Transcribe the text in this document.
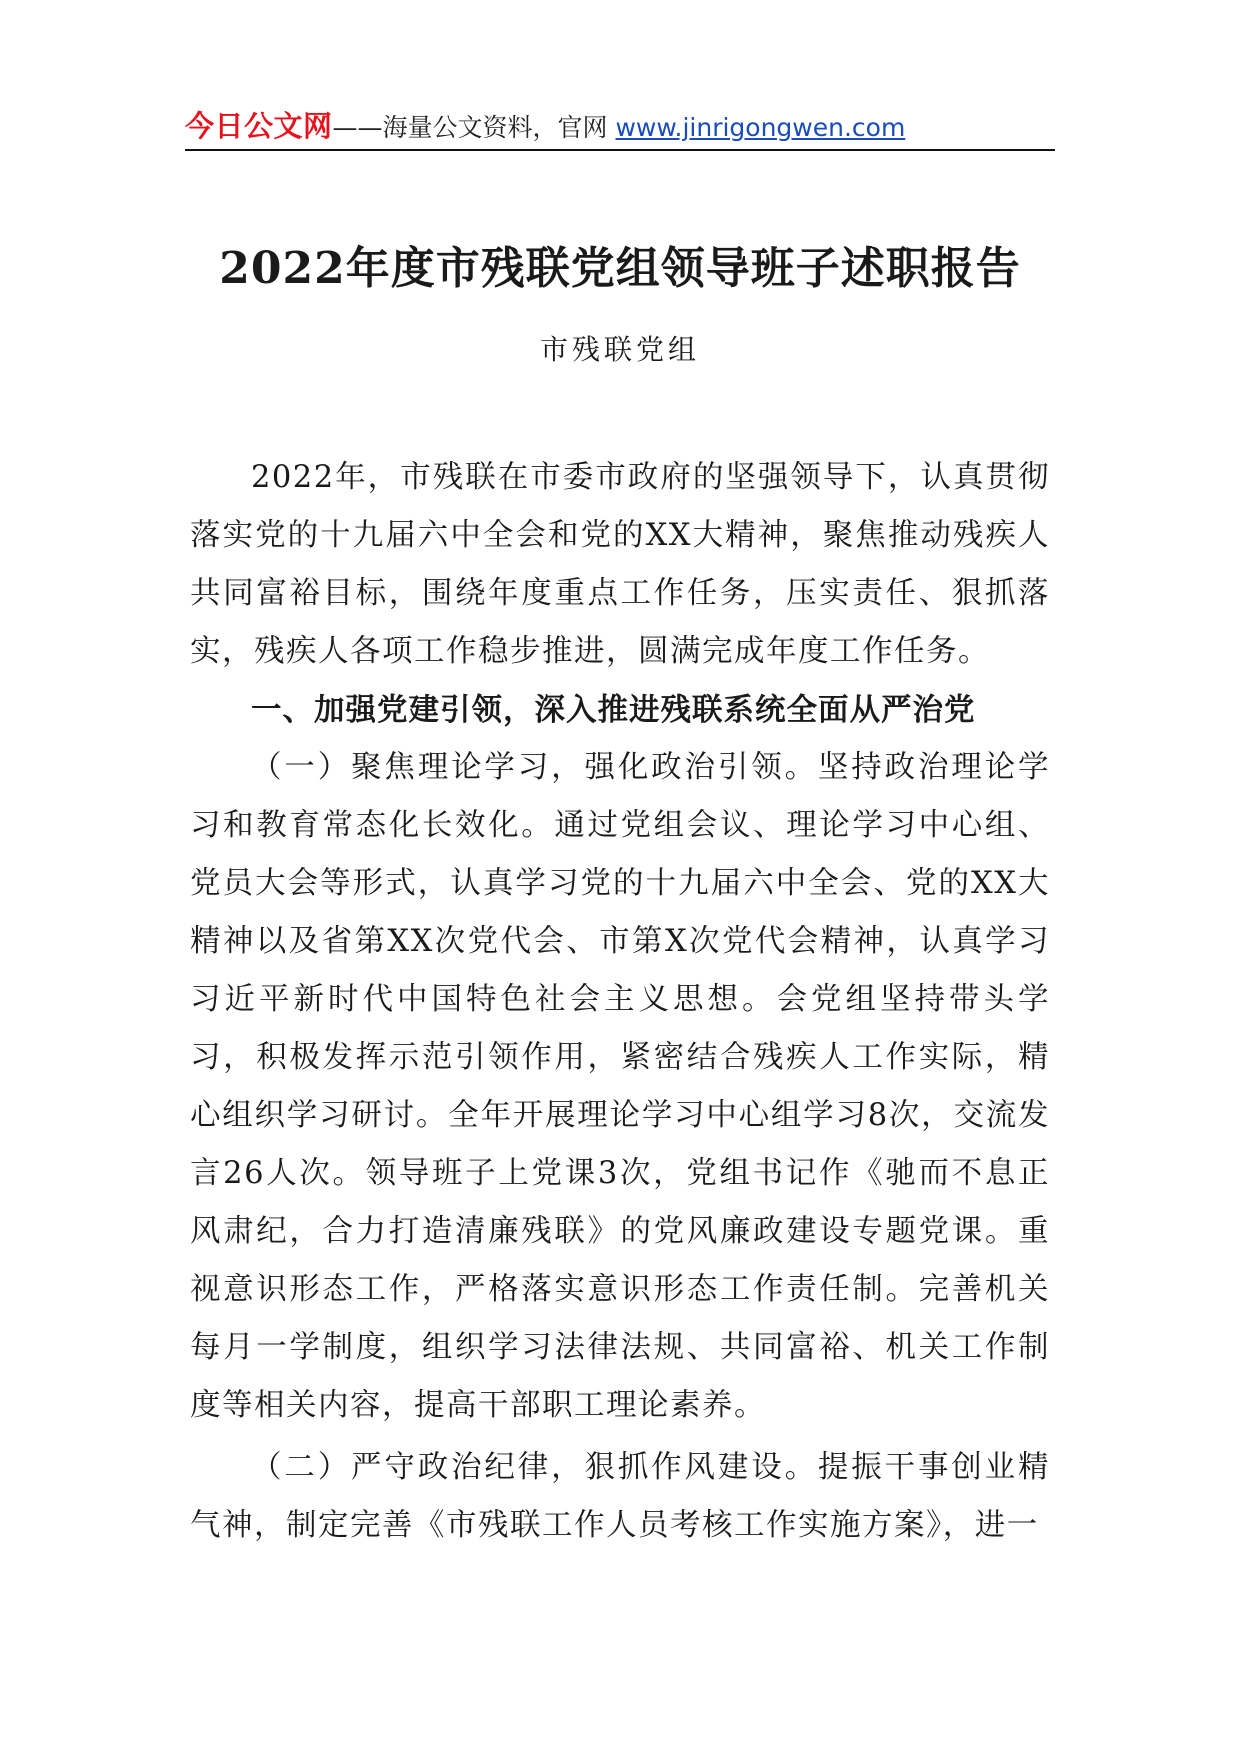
今日公文网——海量公文资料，官网 www.jinrigongwen.com
2022年度市残联党组领导班子述职报告
市残联党组

2022年，市残联在市委市政府的坚强领导下，认真贯彻落实党的十九届六中全会和党的XX大精神，聚焦推动残疾人共同富裕目标，围绕年度重点工作任务，压实责任、狠抓落实，残疾人各项工作稳步推进，圆满完成年度工作任务。

一、加强党建引领，深入推进残联系统全面从严治党

（一）聚焦理论学习，强化政治引领。坚持政治理论学习和教育常态化长效化。通过党组会议、理论学习中心组、党员大会等形式，认真学习党的十九届六中全会、党的XX大精神以及省第XX次党代会、市第X次党代会精神，认真学习习近平新时代中国特色社会主义思想。会党组坚持带头学习，积极发挥示范引领作用，紧密结合残疾人工作实际，精心组织学习研讨。全年开展理论学习中心组学习8次，交流发言26人次。领导班子上党课3次，党组书记作《驰而不息正风肃纪，合力打造清廉残联》的党风廉政建设专题党课。重视意识形态工作，严格落实意识形态工作责任制。完善机关每月一学制度，组织学习法律法规、共同富裕、机关工作制度等相关内容，提高干部职工理论素养。

（二）严守政治纪律，狠抓作风建设。提振干事创业精气神，制定完善《市残联工作人员考核工作实施方案》，进一
